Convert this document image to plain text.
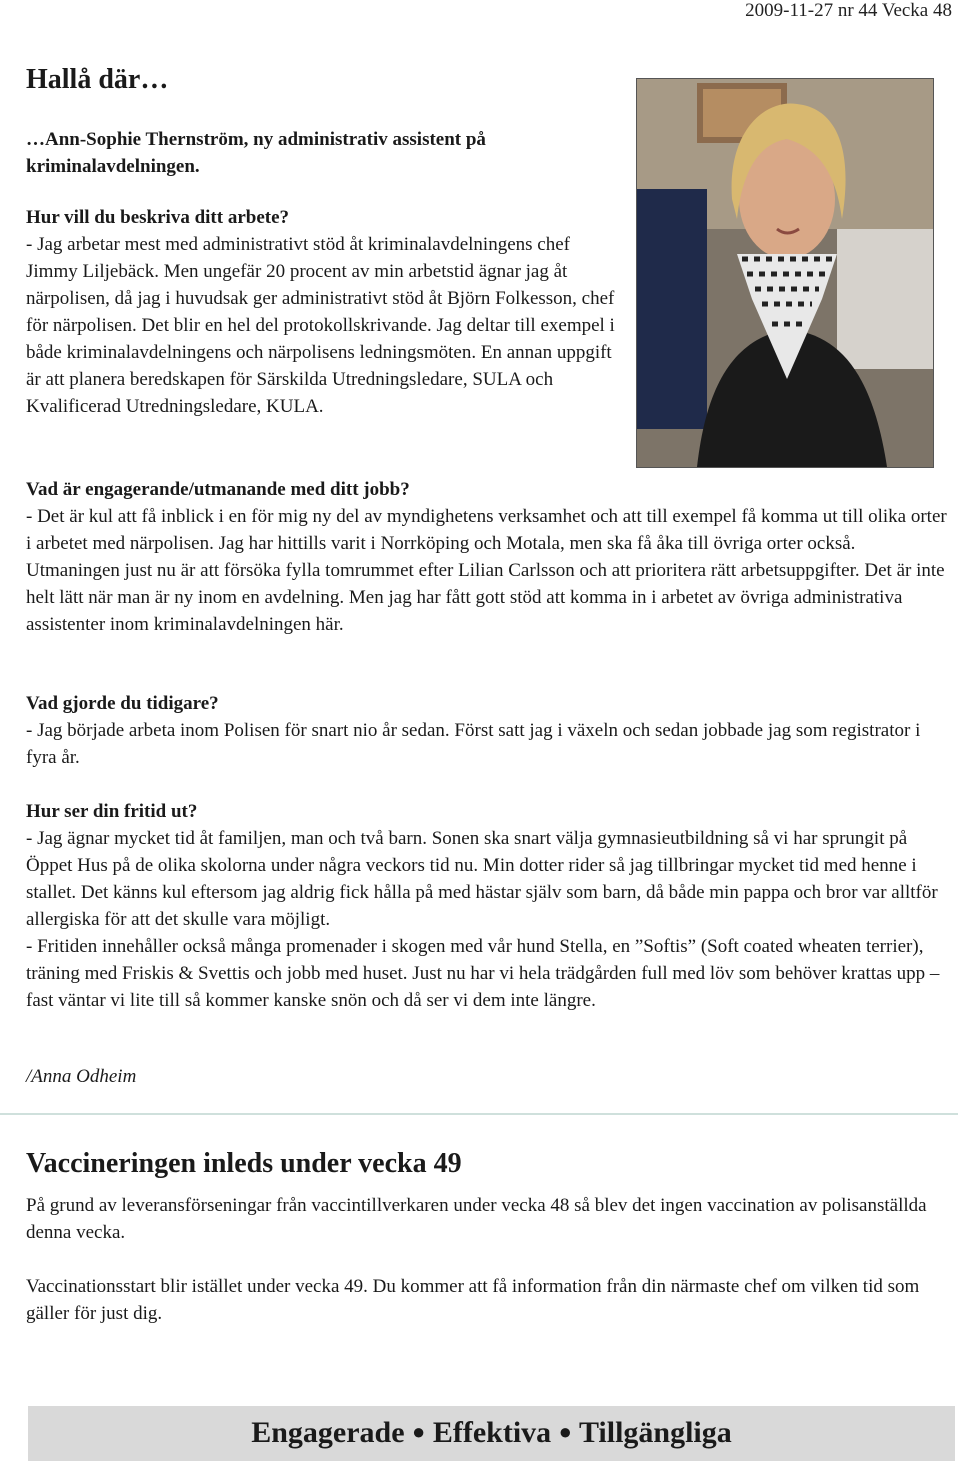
2009-11-27 nr 44 Vecka 48
Hallå där…

…Ann-Sophie Thernström, ny administrativ assistent på kriminalavdelningen.

Hur vill du beskriva ditt arbete?
- Jag arbetar mest med administrativt stöd åt kriminalavdelningens chef Jimmy Liljebäck. Men ungefär 20 procent av min arbetstid ägnar jag åt närpolisen, då jag i huvudsak ger administrativt stöd åt Björn Folkesson, chef för närpolisen. Det blir en hel del protokollskrivande. Jag deltar till exempel i både kriminalavdelningens och närpolisens ledningsmöten. En annan uppgift är att planera beredskapen för Särskilda Utredningsledare, SULA och Kvalificerad Utredningsledare, KULA.
Vad är engagerande/utmanande med ditt jobb?
- Det är kul att få inblick i en för mig ny del av myndighetens verksamhet och att till exempel få komma ut till olika orter i arbetet med närpolisen. Jag har hittills varit i Norrköping och Motala, men ska få åka till övriga orter också. Utmaningen just nu är att försöka fylla tomrummet efter Lilian Carlsson och att prioritera rätt arbetsuppgifter. Det är inte helt lätt när man är ny inom en avdelning. Men jag har fått gott stöd att komma in i arbetet av övriga administrativa assistenter inom kriminalavdelningen här.
Vad gjorde du tidigare?
- Jag började arbeta inom Polisen för snart nio år sedan. Först satt jag i växeln och sedan jobbade jag som registrator i fyra år.
Hur ser din fritid ut?
- Jag ägnar mycket tid åt familjen, man och två barn. Sonen ska snart välja gymnasieutbildning så vi har sprungit på Öppet Hus på de olika skolorna under några veckors tid nu. Min dotter rider så jag tillbringar mycket tid med henne i stallet. Det känns kul eftersom jag aldrig fick hålla på med hästar själv som barn, då både min pappa och bror var alltför allergiska för att det skulle vara möjligt.
- Fritiden innehåller också många promenader i skogen med vår hund Stella, en ”Softis” (Soft coated wheaten terrier), träning med Friskis & Svettis och jobb med huset. Just nu har vi hela trädgården full med löv som behöver krattas upp – fast väntar vi lite till så kommer kanske snön och då ser vi dem inte längre.
/Anna Odheim
Vaccineringen inleds under vecka 49

På grund av leveransförseningar från vaccintillverkaren under vecka 48 så blev det ingen vaccination av polisanställda denna vecka.

Vaccinationsstart blir istället under vecka 49. Du kommer att få information från din närmaste chef om vilken tid som gäller för just dig.

Engagerade ● Effektiva ● Tillgängliga
